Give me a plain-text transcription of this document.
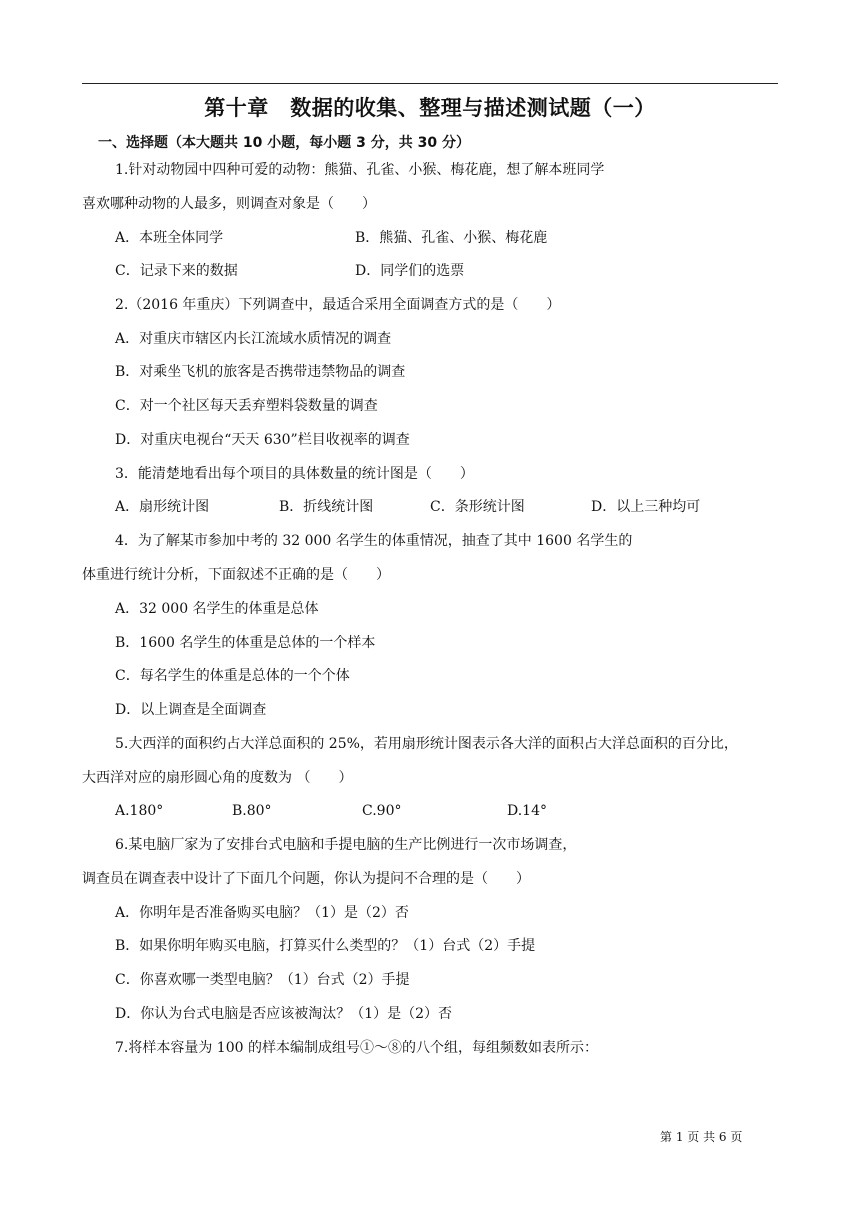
第十章　数据的收集、整理与描述测试题（一）
一、选择题（本大题共 10 小题，每小题 3 分，共 30 分）
1.针对动物园中四种可爱的动物：熊猫、孔雀、小猴、梅花鹿，想了解本班同学
喜欢哪种动物的人最多，则调查对象是（　　）
A．本班全体同学	B．熊猫、孔雀、小猴、梅花鹿
C．记录下来的数据	D．同学们的选票
2.（2016 年重庆）下列调查中，最适合采用全面调查方式的是（　　）
A．对重庆市辖区内长江流域水质情况的调查
B．对乘坐飞机的旅客是否携带违禁物品的调查
C．对一个社区每天丢弃塑料袋数量的调查
D．对重庆电视台“天天 630”栏目收视率的调查
3．能清楚地看出每个项目的具体数量的统计图是（　　）
A．扇形统计图	B．折线统计图	C．条形统计图	D．以上三种均可
4．为了解某市参加中考的 32 000 名学生的体重情况，抽查了其中 1600 名学生的
体重进行统计分析，下面叙述不正确的是（　　）
A．32 000 名学生的体重是总体
B．1600 名学生的体重是总体的一个样本
C．每名学生的体重是总体的一个个体
D．以上调查是全面调查
5.大西洋的面积约占大洋总面积的 25%，若用扇形统计图表示各大洋的面积占大洋总面积的百分比，
大西洋对应的扇形圆心角的度数为 （　　）
A.180°	B.80°	C.90°	D.14°
6.某电脑厂家为了安排台式电脑和手提电脑的生产比例进行一次市场调查，
调查员在调查表中设计了下面几个问题，你认为提问不合理的是（　　）
A．你明年是否准备购买电脑？（1）是（2）否
B．如果你明年购买电脑，打算买什么类型的？（1）台式（2）手提
C．你喜欢哪一类型电脑？（1）台式（2）手提
D．你认为台式电脑是否应该被淘汰？（1）是（2）否
7.将样本容量为 100 的样本编制成组号①～⑧的八个组，每组频数如表所示：
第 1 页 共 6 页
